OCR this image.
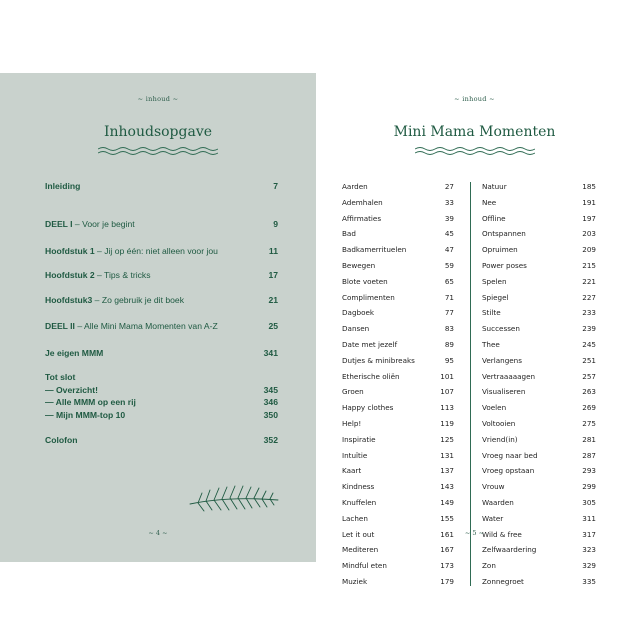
~ inhoud ~
Inhoudsopgave
Inleiding	7
DEEL I – Voor je begint	9
Hoofdstuk 1 – Jij op één: niet alleen voor jou	11
Hoofdstuk 2 – Tips & tricks	17
Hoofdstuk3 – Zo gebruik je dit boek	21
DEEL II – Alle Mini Mama Momenten van A-Z	25
Je eigen MMM	341
Tot slot
— Overzicht!	345
— Alle MMM op een rij	346
— Mijn MMM-top 10	350
Colofon	352
~ 4 ~
~ inhoud ~
Mini Mama Momenten
Aarden	27
Ademhalen	33
Affirmaties	39
Bad	45
Badkamerrituelen	47
Bewegen	59
Blote voeten	65
Complimenten	71
Dagboek	77
Dansen	83
Date met jezelf	89
Dutjes & minibreaks	95
Etherische oliën	101
Groen	107
Happy clothes	113
Help!	119
Inspiratie	125
Intuïtie	131
Kaart	137
Kindness	143
Knuffelen	149
Lachen	155
Let it out	161
Mediteren	167
Mindful eten	173
Muziek	179
Natuur	185
Nee	191
Offline	197
Ontspannen	203
Opruimen	209
Power poses	215
Spelen	221
Spiegel	227
Stilte	233
Successen	239
Thee	245
Verlangens	251
Vertraaaaagen	257
Visualiseren	263
Voelen	269
Voltooien	275
Vriend(in)	281
Vroeg naar bed	287
Vroeg opstaan	293
Vrouw	299
Waarden	305
Water	311
Wild & free	317
Zelfwaardering	323
Zon	329
Zonnegroet	335
~ 5 ~
